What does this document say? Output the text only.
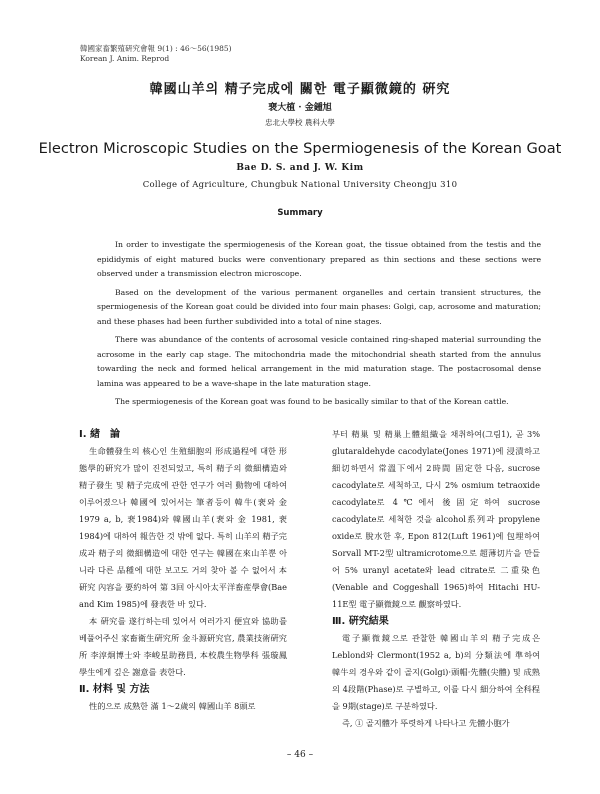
韓國家畜繁殖硏究會報 9(1) : 46〜56(1985)
Korean J. Anim. Reprod
韓國山羊의 精子完成에 關한 電子顯微鏡的 硏究
裵大植 · 金鍾旭
忠北大學校 農科大學
Electron Microscopic Studies on the Spermiogenesis of the Korean Goat
Bae D. S. and J. W. Kim
College of Agriculture, Chungbuk National University Cheongju 310
Summary

In order to investigate the spermiogenesis of the Korean goat, the tissue obtained from the testis and the epididymis of eight matured bucks were conventionary prepared as thin sections and these sections were observed under a transmission electron microscope.

Based on the development of the various permanent organelles and certain transient structures, the spermiogenesis of the Korean goat could be divided into four main phases: Golgi, cap, acrosome and maturation; and these phases had been further subdivided into a total of nine stages.

There was abundance of the contents of acrosomal vesicle contained ring-shaped material surrounding the acrosome in the early cap stage. The mitochondria made the mitochondrial sheath started from the annulus towarding the neck and formed helical arrangement in the mid maturation stage. The postacrosomal dense lamina was appeared to be a wave-shape in the late maturation stage.

The spermiogenesis of the Korean goat was found to be basically similar to that of the Korean cattle.

Ⅰ. 緖　論

生命體發生의 核心인 生殖細胞의 形成過程에 대한 形態學的硏究가 많이 진전되었고, 특히 精子의 微細構造와 精子發生 및 精子完成에 관한 연구가 여러 動物에 대하여 이루어졌으나 韓國에 있어서는 筆者등이 韓牛(裵와 金 1979 a, b, 裵1984)와 韓國山羊(裵와 金 1981, 裵 1984)에 대하여 報告한 것 밖에 없다. 특히 山羊의 精子完成과 精子의 微細構造에 대한 연구는 韓國在來山羊뿐 아니라 다른 品種에 대한 보고도 거의 찾아 볼 수 없어서 本 硏究 內容을 要約하여 第 3回 아시아太平洋畜産學會(Bae and Kim 1985)에 發表한 바 있다.

本 硏究를 遂行하는데 있어서 여러가지 便宜와 協助를 베풀어주신 家畜衛生硏究所 金斗源硏究官, 農業技術硏究所 李淳炯博士와 李峻星助務員, 本校農生物學科 張璇鳳 學生에게 깊은 謝意를 表한다.

Ⅱ. 材料 및 方法

性的으로 成熟한 滿 1〜2歲의 韓國山羊 8頭로

부터 精巢 및 精巢上體組織을 채취하여(그림1), 곧 3% glutaraldehyde cacodylate(Jones 1971)에 浸漬하고 細切하면서 常溫下에서 2時間 固定한 다음, sucrose cacodylate로 세척하고, 다시 2% osmium tetraoxide cacodylate로 4℃에서 後固定하여 sucrose cacodylate로 세척한 것을 alcohol系列과 propylene oxide로 脫水한 후, Epon 812(Luft 1961)에 包埋하여 Sorvall MT-2型 ultramicrotome으로 超薄切片을 만들어 5% uranyl acetate와 lead citrate로 二重染色(Venable and Coggeshall 1965)하여 Hitachi HU-11E型 電子顯微鏡으로 觀察하였다.

Ⅲ. 硏究結果

電子顯微鏡으로 관찰한 韓國山羊의 精子完成은 Leblond와 Clermont(1952 a, b)의 分類法에 準하여 韓牛의 경우와 같이 골지(Golgi)·頭帽·先體(尖體) 및 成熟의 4段階(Phase)로 구별하고, 이를 다시 細分하여 全科程을 9期(stage)로 구분하였다.

즉, ① 골지體가 뚜렷하게 나타나고 先體小胞가

– 46 –
